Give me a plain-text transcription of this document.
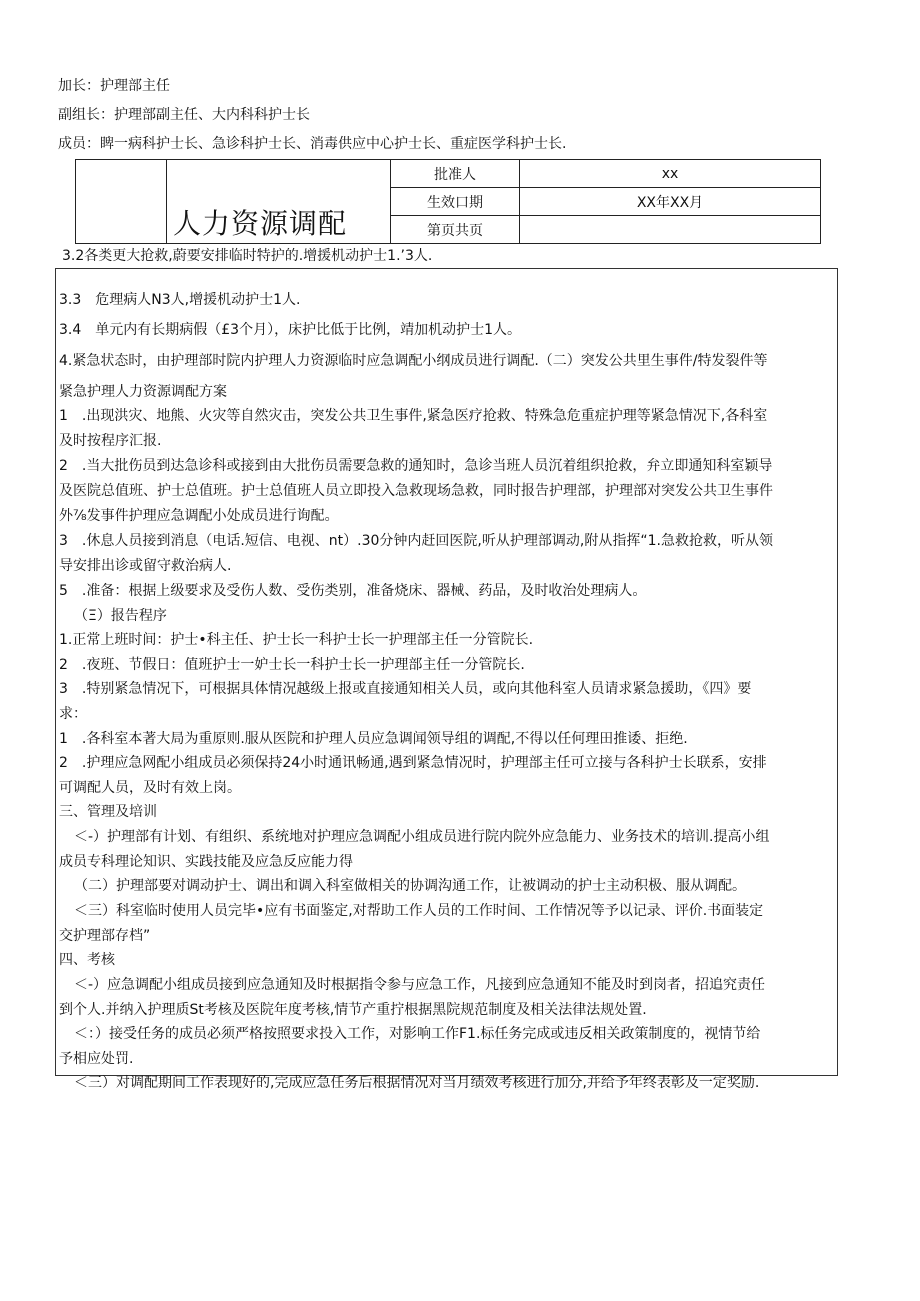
加长：护理部主任
副组长：护理部副主任、大内科科护士长
成员：睥一病科护士长、急诊科护士长、消毒供应中心护士长、重症医学科护士长.

	人力资源调配	批准人	xx
		生效口期	XX年XX月
		第页共页	
3.2各类更大抢救,蔚要安排临时特护的.增援机动护士1.’3人.
3.3　危理病人N3人,增援机动护士1人.
3.4　单元内有长期病假（£3个月），床护比低于比例，靖加机动护士1人。
4.紧急状态时，由护理部时院内护理人力资源临时应急调配小纲成员进行调配.（二）突发公共里生事件/特发裂件等
紧急护理人力资源调配方案
1　.出现洪灾、地熊、火灾等自然灾击，突发公共卫生事件,紧急医疗抢救、特殊急危重症护理等紧急情况下,各科室
及时按程序汇报.
2　.当大批伤员到达急诊科或接到由大批伤员需要急救的通知时，急诊当班人员沉着组织抢救，弁立即通知科室颖导
及医院总值班、护士总值班。护士总值班人员立即投入急救现场急救，同时报告护理部，护理部对突发公共卫生事件
外⅞发事件护理应急调配小处成员进行询配。
3　.休息人员接到消息（电话.短信、电视、nt）.30分钟内赶回医院,听从护理部调动,附从指挥“1.急救抢救，听从领
导安排出诊或留守救治病人.
5　.准备：根据上级要求及受伤人数、受伤类别，准备烧床、器械、药品，及时收治处理病人。
（Ξ）报告程序
1.正常上班时间：护士•科主任、护士长一科护士长一护理部主任一分管院长.
2　.夜班、节假日：值班护士一妒士长一科护士长一护理部主任一分管院长.
3　.特别紧急情况下，可根据具体情况越级上报或直接通知相关人员，或向其他科室人员请求紧急援助，《四》要
求：
1　.各科室本著大局为重原则.服从医院和护理人员应急调闻领导组的调配,不得以任何理田推诿、拒绝.
2　.护理应急网配小组成员必须保持24小时通讯畅通,遇到紧急情况时，护理部主任可立接与各科护士长联系，安排
可调配人员，及时有效上岗。
三、管理及培训
＜-）护理部有计划、有组织、系统地对护理应急调配小组成员进行院内院外应急能力、业务技术的培训.提高小组
成员专科理论知识、实践技能及应急反应能力得
（二）护理部要对调动护士、调出和调入科室做相关的协调沟通工作，让被调动的护士主动积极、服从调配。
＜三）科室临时使用人员完毕•应有书面鉴定,对帮助工作人员的工作时间、工作情况等予以记录、评价.书面装定
交护理部存档”
四、考核
＜-）应急调配小组成员接到应急通知及时根据指令参与应急工作，凡接到应急通知不能及时到岗者，招追究责任
到个人.并纳入护理质St考核及医院年度考核,情节产重拧根据黑院规范制度及相关法律法规处置.
＜：）接受任务的成员必须严格按照要求投入工作，对影响工作F1.标任务完成或违反相关政策制度的，视情节给
予相应处罚.
＜三）对调配期间工作表现好的,完成应急任务后根据情况对当月绩效考核进行加分,并给予年终表彰及一定奖励.
